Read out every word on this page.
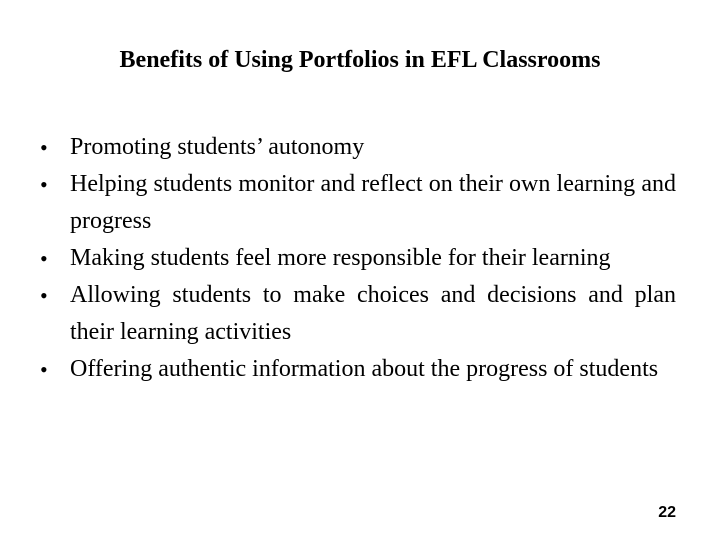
Benefits of Using Portfolios in EFL Classrooms
• Promoting students’ autonomy
• Helping students monitor and reflect on their own learning and progress
• Making students feel more responsible for their learning
• Allowing students to make choices and decisions and plan their learning activities
• Offering authentic information about the progress of students
22
